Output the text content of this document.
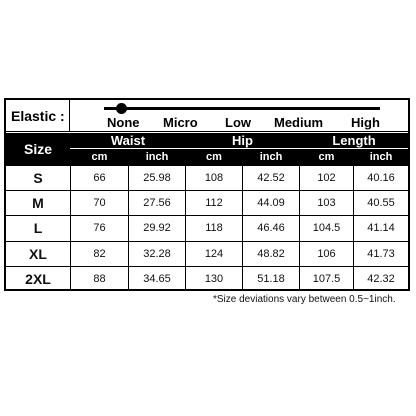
Elastic :	None Micro Low Medium High
Size
Waist	Hip	Length
cm	inch	cm	inch	cm	inch
S	66	25.98	108	42.52	102	40.16
M	70	27.56	112	44.09	103	40.55
L	76	29.92	118	46.46	104.5	41.14
XL	82	32.28	124	48.82	106	41.73
2XL	88	34.65	130	51.18	107.5	42.32
*Size deviations vary between 0.5~1inch.
